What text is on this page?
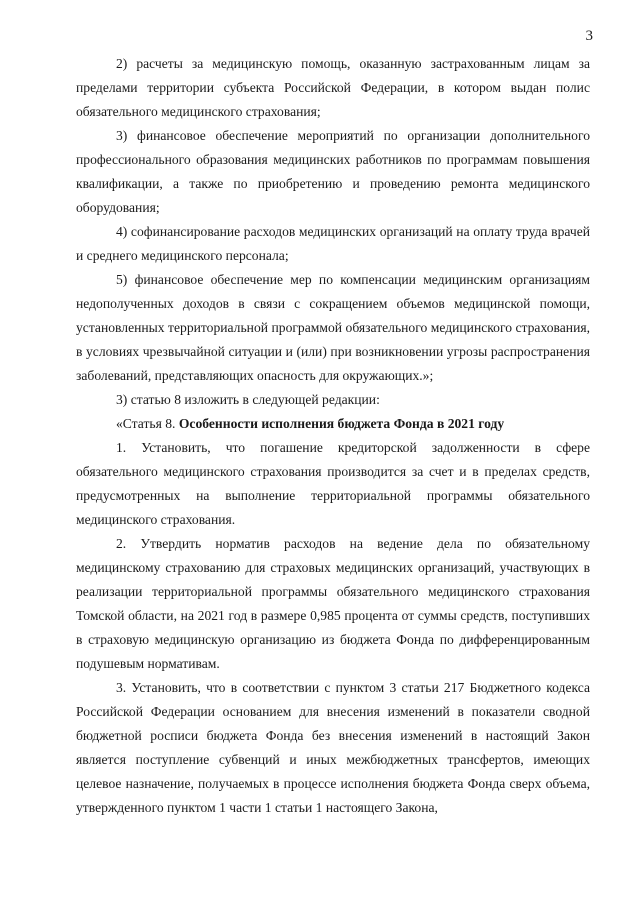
3

2) расчеты за медицинскую помощь, оказанную застрахованным лицам за пределами территории субъекта Российской Федерации, в котором выдан полис обязательного медицинского страхования;

3) финансовое обеспечение мероприятий по организации дополнительного профессионального образования медицинских работников по программам повышения квалификации, а также по приобретению и проведению ремонта медицинского оборудования;

4) софинансирование расходов медицинских организаций на оплату труда врачей и среднего медицинского персонала;

5) финансовое обеспечение мер по компенсации медицинским организациям недополученных доходов в связи с сокращением объемов медицинской помощи, установленных территориальной программой обязательного медицинского страхования, в условиях чрезвычайной ситуации и (или) при возникновении угрозы распространения заболеваний, представляющих опасность для окружающих.»;

3) статью 8 изложить в следующей редакции:

«Статья 8. Особенности исполнения бюджета Фонда в 2021 году

1. Установить, что погашение кредиторской задолженности в сфере обязательного медицинского страхования производится за счет и в пределах средств, предусмотренных на выполнение территориальной программы обязательного медицинского страхования.

2. Утвердить норматив расходов на ведение дела по обязательному медицинскому страхованию для страховых медицинских организаций, участвующих в реализации территориальной программы обязательного медицинского страхования Томской области, на 2021 год в размере 0,985 процента от суммы средств, поступивших в страховую медицинскую организацию из бюджета Фонда по дифференцированным подушевым нормативам.

3. Установить, что в соответствии с пунктом 3 статьи 217 Бюджетного кодекса Российской Федерации основанием для внесения изменений в показатели сводной бюджетной росписи бюджета Фонда без внесения изменений в настоящий Закон является поступление субвенций и иных межбюджетных трансфертов, имеющих целевое назначение, получаемых в процессе исполнения бюджета Фонда сверх объема, утвержденного пунктом 1 части 1 статьи 1 настоящего Закона,
